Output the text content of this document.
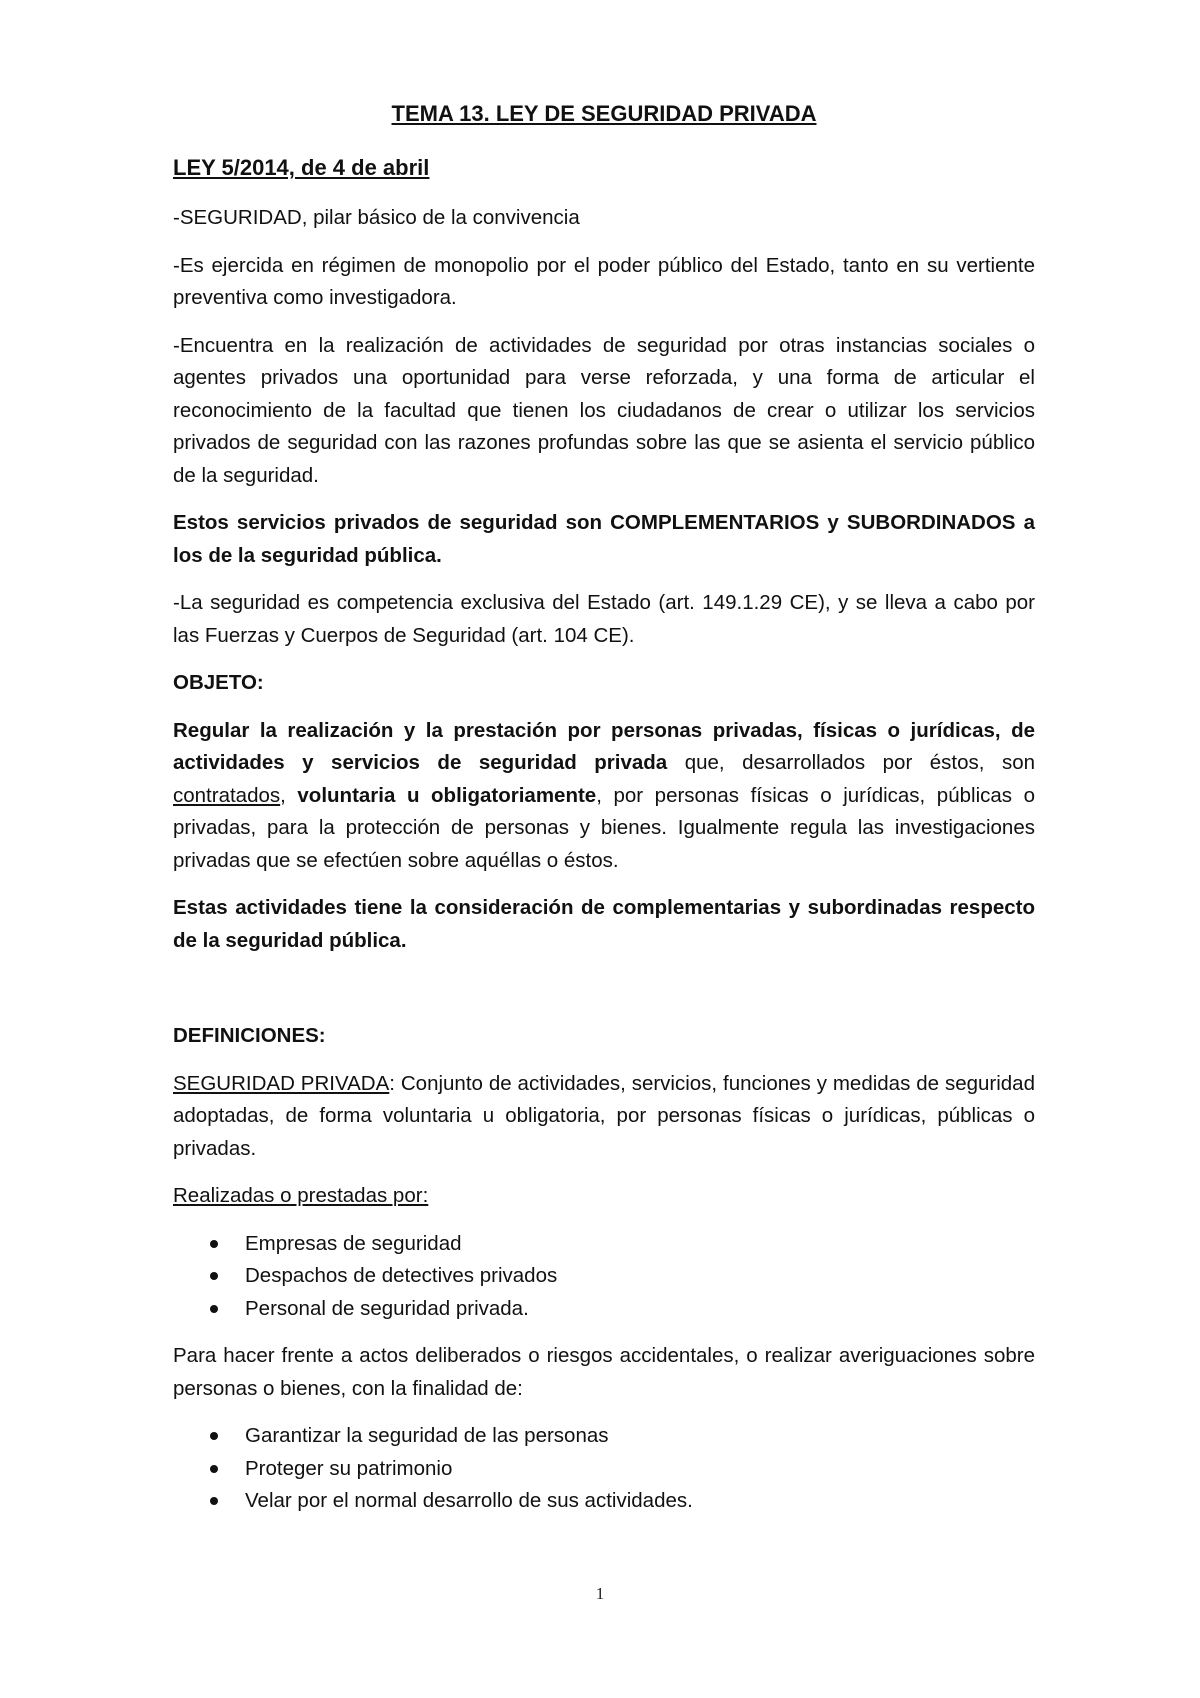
TEMA 13. LEY DE SEGURIDAD PRIVADA
LEY 5/2014, de 4 de abril

-SEGURIDAD, pilar básico de la convivencia

-Es ejercida en régimen de monopolio por el poder público del Estado, tanto en su vertiente preventiva como investigadora.

-Encuentra en la realización de actividades de seguridad por otras instancias sociales o agentes privados una oportunidad para verse reforzada, y una forma de articular el reconocimiento de la facultad que tienen los ciudadanos de crear o utilizar los servicios privados de seguridad con las razones profundas sobre las que se asienta el servicio público de la seguridad.

Estos servicios privados de seguridad son COMPLEMENTARIOS y SUBORDINADOS a los de la seguridad pública.

-La seguridad es competencia exclusiva del Estado (art. 149.1.29 CE), y se lleva a cabo por las Fuerzas y Cuerpos de Seguridad (art. 104 CE).

OBJETO:

Regular la realización y la prestación por personas privadas, físicas o jurídicas, de actividades y servicios de seguridad privada que, desarrollados por éstos, son contratados, voluntaria u obligatoriamente, por personas físicas o jurídicas, públicas o privadas, para la protección de personas y bienes. Igualmente regula las investigaciones privadas que se efectúen sobre aquéllas o éstos.

Estas actividades tiene la consideración de complementarias y subordinadas respecto de la seguridad pública.

DEFINICIONES:

SEGURIDAD PRIVADA: Conjunto de actividades, servicios, funciones y medidas de seguridad adoptadas, de forma voluntaria u obligatoria, por personas físicas o jurídicas, públicas o privadas.

Realizadas o prestadas por:

Empresas de seguridad
Despachos de detectives privados
Personal de seguridad privada.

Para hacer frente a actos deliberados o riesgos accidentales, o realizar averiguaciones sobre personas o bienes, con la finalidad de:

Garantizar la seguridad de las personas
Proteger su patrimonio
Velar por el normal desarrollo de sus actividades.
1
